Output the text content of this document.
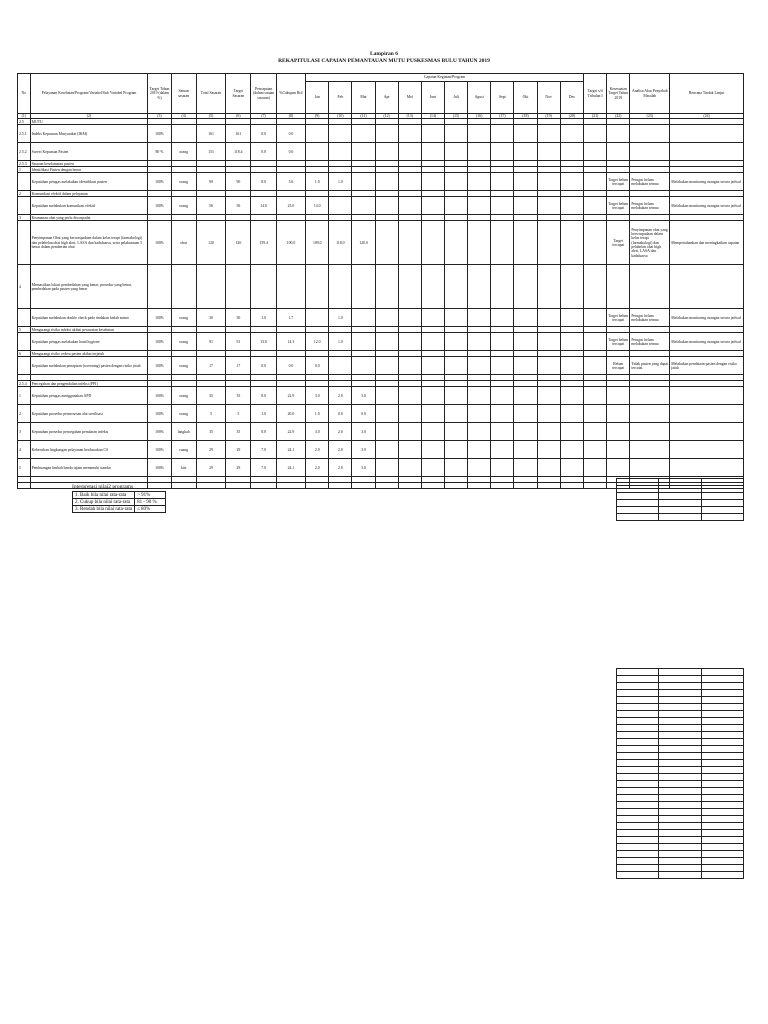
Lampiran 6
REKAPITULASI CAPAIAN PEMANTAUAN MUTU PUSKESMAS BULU TAHUN 2019
No	Pelayanan Kesehatan/Program/Variabel/Sub Variabel Program	Target Tahun 2019 (dalam %)	Satuan sasaran	Total Sasaran	Target Sasaran	Pencapaian (dalam satuan sasaran)	%Cakupan Riil	Capaian Kegiatan/Program												Target s/d Tribulan I	Kesesuaian Target Tahun 2019	Analisa Akar Penyebab Masalah	Rencana Tindak Lanjut
								Jan	Feb	Mar	Apr	Mei	Juni	Juli	Agust	Sept	Okt	Nov	Des				
(1)	(2)	(3)	(4)	(5)	(6)	(7)	(8)	(9)	(10)	(11)	(12)	(13)	(14)	(15)	(16)	(17)	(18)	(19)	(20)	(21)	(22)	(23)	(24)
2.5	MUTU																						
2.5.1	Indeks Kepuasan Masyarakat (IKM)	100%		161	161	0.0	0.0																
2.5.2	Survei Kepuasan Pasien	80 %	orang	151	118.4	0.0	0.0																
2.5.3	Sasaran keselamatan pasien																						
1	Identifikasi Pasien dengan benar																						
	Kepatuhan petugas melakukan identifikasi pasien	100%	orang	90	90	8.0	5.6	1.0	1.0												Target belum tercapai	Petugas belum melakukan semua	Melakukan monitoring ruangan secara jadwal
2	Komunikasi efektif dalam pelayanan																						
	Kepatuhan melakukan komunikasi efektif	100%	orang	56	56	14.0	25.0	14.0													Target belum tercapai	Petugas belum melakukan semua	Melakukan monitoring ruangan secara jadwal
3	Keamanan obat yang perlu diwaspadai																						
	Penyimpanan Obat yang berwaspadaan dalam kelas terapi (farmakologi) dan pelabelan obat high alert, LASA dan kadaluarsa, serta pelaksanaan 5 benar dalam pemberian obat	100%	obat	120	120	159.4	100.0	109.0	118.0	120.0											Target tercapai	Penyimpanan obat yang berwaspadaan dalam kelas terapi (farmakologi) dan pelabelan obat high alert, LASA dan kadaluarsa	Mempertahankan dan meningkatkan capaian
4	Memastikan lokasi pembedahan yang benar, prosedur yang benar, pembedahan pada pasien yang benar																						
	Kepatuhan melakukan double check pada tindakan bedah minor	100%	orang	30	30	1.0	1.7		1.0												Target belum tercapai	Petugas belum melakukan semua	Melakukan monitoring ruangan secara jadwal
5	Mengurangi risiko infeksi akibat perawatan kesehatan																						
	Kepatuhan petugas melakukan hand hygiene	100%	orang	91	91	13.0	14.3	12.0	1.0												Target belum tercapai	Petugas belum melakukan semua	Melakukan monitoring ruangan secara jadwal
6	Mengurangi risiko cedera pasien akibat terjatuh																						
	Kepatuhan melakukan penapisan (screening) pasien dengan risiko jatuh	100%	orang	17	17	0.0	0.0	0.0													Belum tercapai	Tidak pasien yang dapat tercatat	Melakukan pendataan pasien dengan risiko jatuh

2.5.4	Pencegahan dan pengendalian infeksi (PPI)																						
1	Kepatuhan petugas menggunakan APD	100%	orang	35	35	8.0	22.9	3.0	2.0	3.0													
2	Kepatuhan prosedur pemrosesan alat sterilisasi	100%	orang	5	5	1.0	20.0	1.0	0.0	0.0													
3	Kepatuhan prosedur pencegahan penularan infeksi	100%	langkah	35	35	8.0	22.9	3.0	2.0	3.0													
4	Kebersihan lingkungan pelayanan berdasarkan CS	100%	ruang	29	29	7.0	24.1	2.0	2.0	3.0													
5	Pembuangan limbah benda tajam memenuhi standar	100%	kits	29	29	7.0	24.1	2.0	2.0	3.0													

Interpretasi nilai2 programs
1. Baik bila nilai rata-rata	> 91%
2. Cukup bila nilai rata-rata	81 - 90 %
3. Rendah bila nilai rata-rata	≤ 80%
